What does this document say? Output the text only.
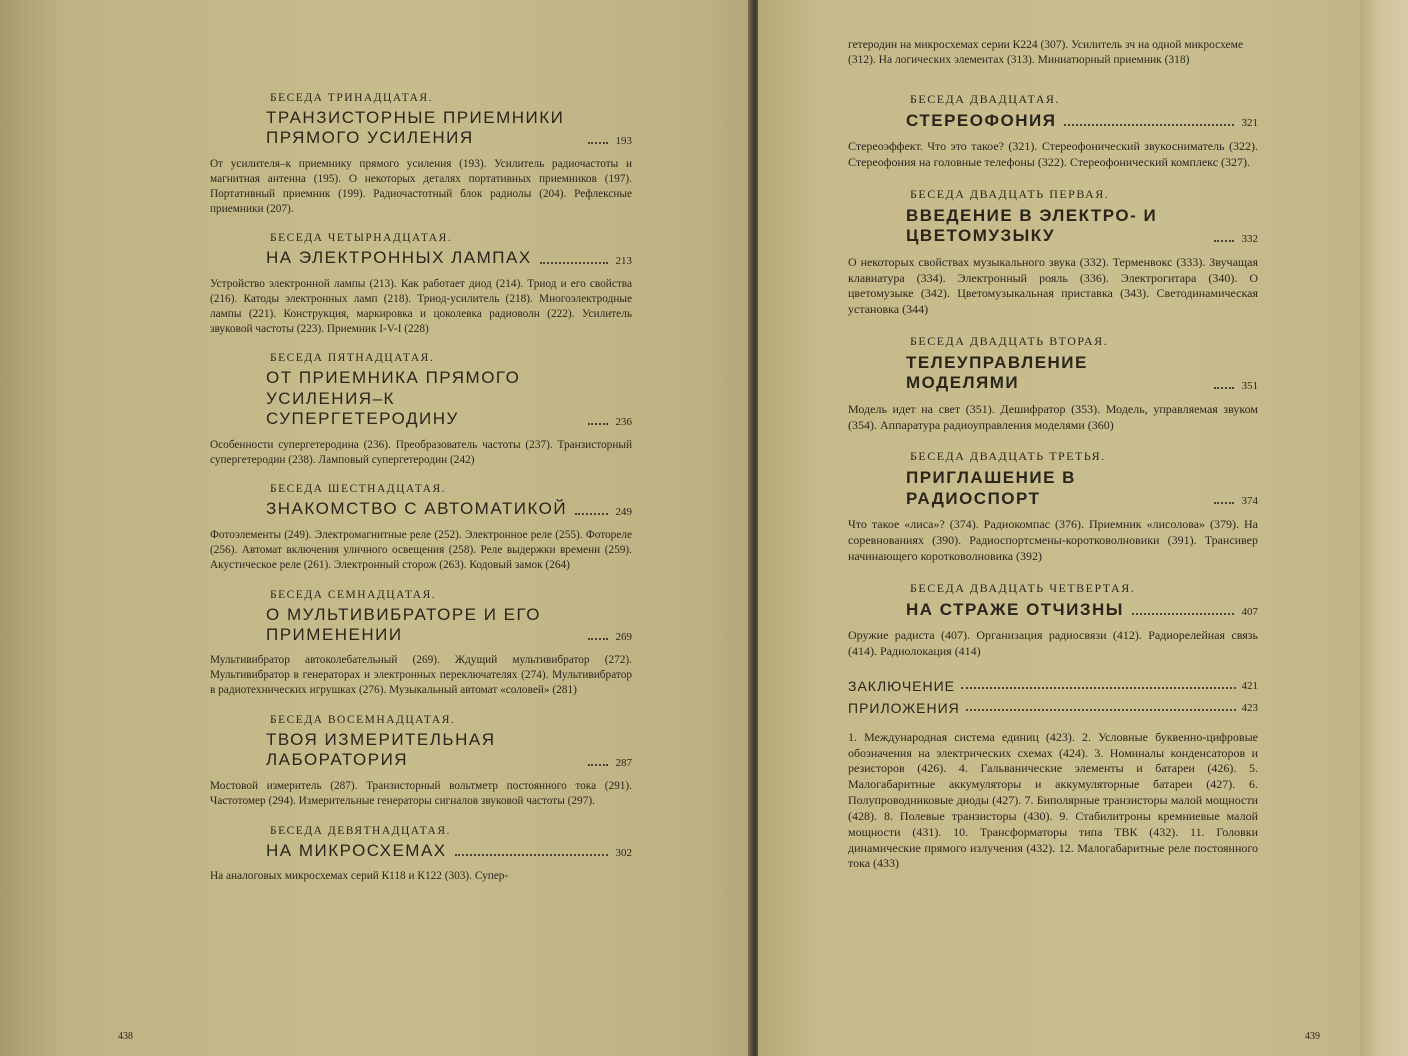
БЕСЕДА ТРИНАДЦАТАЯ.
ТРАНЗИСТОРНЫЕ ПРИЕМНИКИ ПРЯМОГО УСИЛЕНИЯ	193

От усилителя–к приемнику прямого усиления (193). Усилитель радиочастоты и магнитная антенна (195). О некоторых деталях портативных приемников (197). Портативный приемник (199). Радиочастотный блок радиолы (204). Рефлексные приемники (207).

БЕСЕДА ЧЕТЫРНАДЦАТАЯ.
НА ЭЛЕКТРОННЫХ ЛАМПАХ	213

Устройство электронной лампы (213). Как работает диод (214). Триод и его свойства (216). Катоды электронных ламп (218). Триод-усилитель (218). Многоэлектродные лампы (221). Конструкция, маркировка и цоколевка радиоволн (222). Усилитель звуковой частоты (223). Приемник I-V-I (228)

БЕСЕДА ПЯТНАДЦАТАЯ.
ОТ ПРИЕМНИКА ПРЯМОГО УСИЛЕНИЯ–К СУПЕРГЕТЕРОДИНУ	236

Особенности супергетеродина (236). Преобразователь частоты (237). Транзисторный супергетеродин (238). Ламповый супергетеродин (242)

БЕСЕДА ШЕСТНАДЦАТАЯ.
ЗНАКОМСТВО С АВТОМАТИКОЙ	249

Фотоэлементы (249). Электромагнитные реле (252). Электронное реле (255). Фотореле (256). Автомат включения уличного освещения (258). Реле выдержки времени (259). Акустическое реле (261). Электронный сторож (263). Кодовый замок (264)

БЕСЕДА СЕМНАДЦАТАЯ.
О МУЛЬТИВИБРАТОРЕ И ЕГО ПРИМЕНЕНИИ	269

Мультивибратор автоколебательный (269). Ждущий мультивибратор (272). Мультивибратор в генераторах и электронных переключателях (274). Мультивибратор в радиотехнических игрушках (276). Музыкальный автомат «соловей» (281)

БЕСЕДА ВОСЕМНАДЦАТАЯ.
ТВОЯ ИЗМЕРИТЕЛЬНАЯ ЛАБОРАТОРИЯ	287

Мостовой измеритель (287). Транзисторный вольтметр постоянного тока (291). Частотомер (294). Измерительные генераторы сигналов звуковой частоты (297).

БЕСЕДА ДЕВЯТНАДЦАТАЯ.
НА МИКРОСХЕМАХ	302

На аналоговых микросхемах серий К118 и К122 (303). Супер-

438

гетеродин на микросхемах серии К224 (307). Усилитель зч на одной микросхеме (312). На логических элементах (313). Миниатюрный приемник (318)

БЕСЕДА ДВАДЦАТАЯ.
СТЕРЕОФОНИЯ	321

Стереоэффект. Что это такое? (321). Стереофонический звукосниматель (322). Стереофония на головные телефоны (322). Стереофонический комплекс (327).

БЕСЕДА ДВАДЦАТЬ ПЕРВАЯ.
ВВЕДЕНИЕ В ЭЛЕКТРО- И ЦВЕТОМУЗЫКУ	332

О некоторых свойствах музыкального звука (332). Терменвокс (333). Звучащая клавиатура (334). Электронный рояль (336). Электрогитара (340). О цветомузыке (342). Цветомузыкальная приставка (343). Светодинамическая установка (344)

БЕСЕДА ДВАДЦАТЬ ВТОРАЯ.
ТЕЛЕУПРАВЛЕНИЕ МОДЕЛЯМИ	351

Модель идет на свет (351). Дешифратор (353). Модель, управляемая звуком (354). Аппаратура радиоуправления моделями (360)

БЕСЕДА ДВАДЦАТЬ ТРЕТЬЯ.
ПРИГЛАШЕНИЕ В РАДИОСПОРТ	374

Что такое «лиса»? (374). Радиокомпас (376). Приемник «лисолова» (379). На соревнованиях (390). Радиоспортсмены-коротковолновики (391). Трансивер начинающего коротковолновика (392)

БЕСЕДА ДВАДЦАТЬ ЧЕТВЕРТАЯ.
НА СТРАЖЕ ОТЧИЗНЫ	407

Оружие радиста (407). Организация радиосвязи (412). Радиорелейная связь (414). Радиолокация (414)

ЗАКЛЮЧЕНИЕ	421
ПРИЛОЖЕНИЯ	423

1. Международная система единиц (423). 2. Условные буквенно-цифровые обозначения на электрических схемах (424). 3. Номиналы конденсаторов и резисторов (426). 4. Гальванические элементы и батареи (426). 5. Малогабаритные аккумуляторы и аккумуляторные батареи (427). 6. Полупроводниковые диоды (427). 7. Биполярные транзисторы малой мощности (428). 8. Полевые транзисторы (430). 9. Стабилитроны кремниевые малой мощности (431). 10. Трансформаторы типа ТВК (432). 11. Головки динамические прямого излучения (432). 12. Малогабаритные реле постоянного тока (433)

439
